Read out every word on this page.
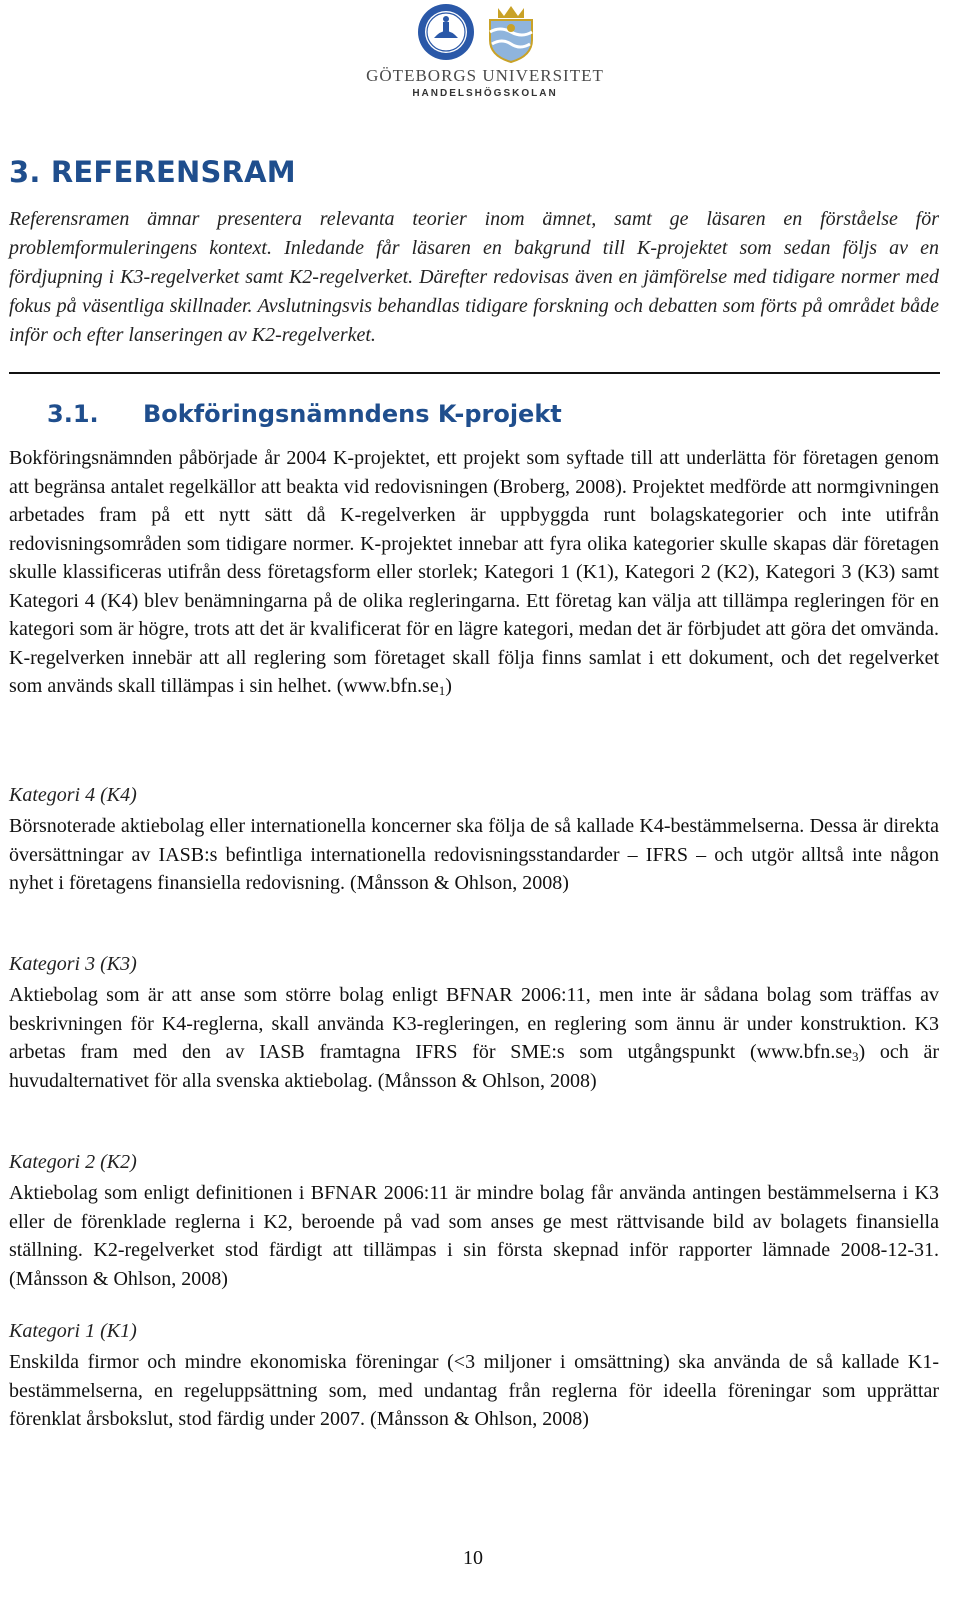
GÖTEBORGS UNIVERSITET
HANDELSHÖGSKOLAN
3. REFERENSRAM

Referensramen ämnar presentera relevanta teorier inom ämnet, samt ge läsaren en förståelse för problemformuleringens kontext. Inledande får läsaren en bakgrund till K-projektet som sedan följs av en fördjupning i K3-regelverket samt K2-regelverket. Därefter redovisas även en jämförelse med tidigare normer med fokus på väsentliga skillnader. Avslutningsvis behandlas tidigare forskning och debatten som förts på området både inför och efter lanseringen av K2-regelverket.

3.1. Bokföringsnämndens K-projekt

Bokföringsnämnden påbörjade år 2004 K-projektet, ett projekt som syftade till att underlätta för företagen genom att begränsa antalet regelkällor att beakta vid redovisningen (Broberg, 2008). Projektet medförde att normgivningen arbetades fram på ett nytt sätt då K-regelverken är uppbyggda runt bolagskategorier och inte utifrån redovisningsområden som tidigare normer. K-projektet innebar att fyra olika kategorier skulle skapas där företagen skulle klassificeras utifrån dess företagsform eller storlek; Kategori 1 (K1), Kategori 2 (K2), Kategori 3 (K3) samt Kategori 4 (K4) blev benämningarna på de olika regleringarna. Ett företag kan välja att tillämpa regleringen för en kategori som är högre, trots att det är kvalificerat för en lägre kategori, medan det är förbjudet att göra det omvända. K-regelverken innebär att all reglering som företaget skall följa finns samlat i ett dokument, och det regelverket som används skall tillämpas i sin helhet. $(www.bfn.se_1)$

Kategori 4 (K4)

Börsnoterade aktiebolag eller internationella koncerner ska följa de så kallade K4-bestämmelserna. Dessa är direkta översättningar av IASB:s befintliga internationella redovisningsstandarder – IFRS – och utgör alltså inte någon nyhet i företagens finansiella redovisning. (Månsson & Ohlson, 2008)

Kategori 3 (K3)

Aktiebolag som är att anse som större bolag enligt BFNAR 2006:11, men inte är sådana bolag som träffas av beskrivningen för K4-reglerna, skall använda K3-regleringen, en reglering som ännu är under konstruktion. K3 arbetas fram med den av IASB framtagna IFRS för SME:s som utgångspunkt $(www.bfn.se_3)$ och är huvudalternativet för alla svenska aktiebolag. (Månsson & Ohlson, 2008)

Kategori 2 (K2)

Aktiebolag som enligt definitionen i BFNAR 2006:11 är mindre bolag får använda antingen bestämmelserna i K3 eller de förenklade reglerna i K2, beroende på vad som anses ge mest rättvisande bild av bolagets finansiella ställning. K2-regelverket stod färdigt att tillämpas i sin första skepnad inför rapporter lämnade 2008-12-31. (Månsson & Ohlson, 2008)

Kategori 1 (K1)

Enskilda firmor och mindre ekonomiska föreningar (<3 miljoner i omsättning) ska använda de så kallade K1-bestämmelserna, en regeluppsättning som, med undantag från reglerna för ideella föreningar som upprättar förenklat årsbokslut, stod färdig under 2007. (Månsson & Ohlson, 2008)

10
